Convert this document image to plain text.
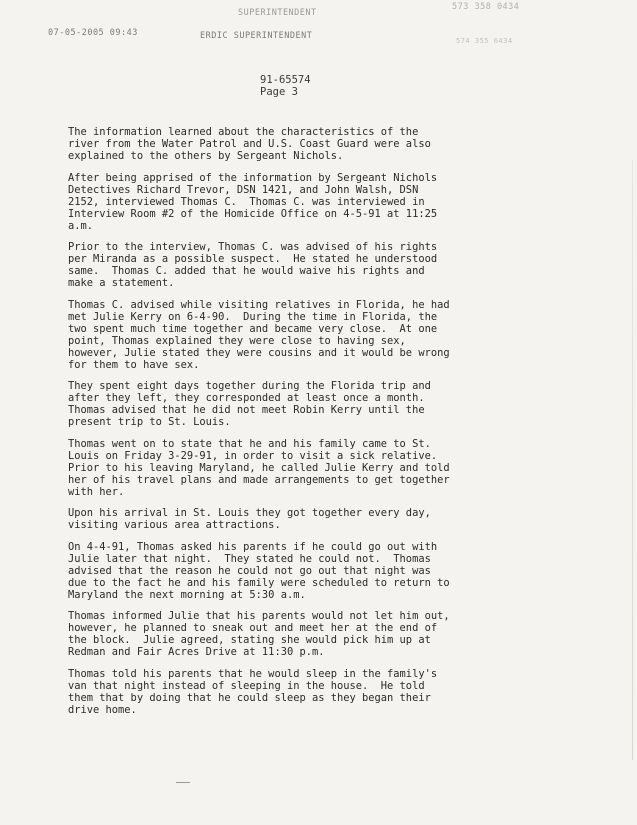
SUPERINTENDENT
573 358 0434
07-05-2005 09:43	ERDIC SUPERINTENDENT	574 355 6434
91-65574
Page 3

The information learned about the characteristics of the
river from the Water Patrol and U.S. Coast Guard were also
explained to the others by Sergeant Nichols.

After being apprised of the information by Sergeant Nichols
Detectives Richard Trevor, DSN 1421, and John Walsh, DSN
2152, interviewed Thomas C.  Thomas C. was interviewed in
Interview Room #2 of the Homicide Office on 4-5-91 at 11:25
a.m.

Prior to the interview, Thomas C. was advised of his rights
per Miranda as a possible suspect.  He stated he understood
same.  Thomas C. added that he would waive his rights and
make a statement.

Thomas C. advised while visiting relatives in Florida, he had
met Julie Kerry on 6-4-90.  During the time in Florida, the
two spent much time together and became very close.  At one
point, Thomas explained they were close to having sex,
however, Julie stated they were cousins and it would be wrong
for them to have sex.

They spent eight days together during the Florida trip and
after they left, they corresponded at least once a month.
Thomas advised that he did not meet Robin Kerry until the
present trip to St. Louis.

Thomas went on to state that he and his family came to St.
Louis on Friday 3-29-91, in order to visit a sick relative.
Prior to his leaving Maryland, he called Julie Kerry and told
her of his travel plans and made arrangements to get together
with her.

Upon his arrival in St. Louis they got together every day,
visiting various area attractions.

On 4-4-91, Thomas asked his parents if he could go out with
Julie later that night.  They stated he could not.  Thomas
advised that the reason he could not go out that night was
due to the fact he and his family were scheduled to return to
Maryland the next morning at 5:30 a.m.

Thomas informed Julie that his parents would not let him out,
however, he planned to sneak out and meet her at the end of
the block.  Julie agreed, stating she would pick him up at
Redman and Fair Acres Drive at 11:30 p.m.

Thomas told his parents that he would sleep in the family's
van that night instead of sleeping in the house.  He told
them that by doing that he could sleep as they began their
drive home.
